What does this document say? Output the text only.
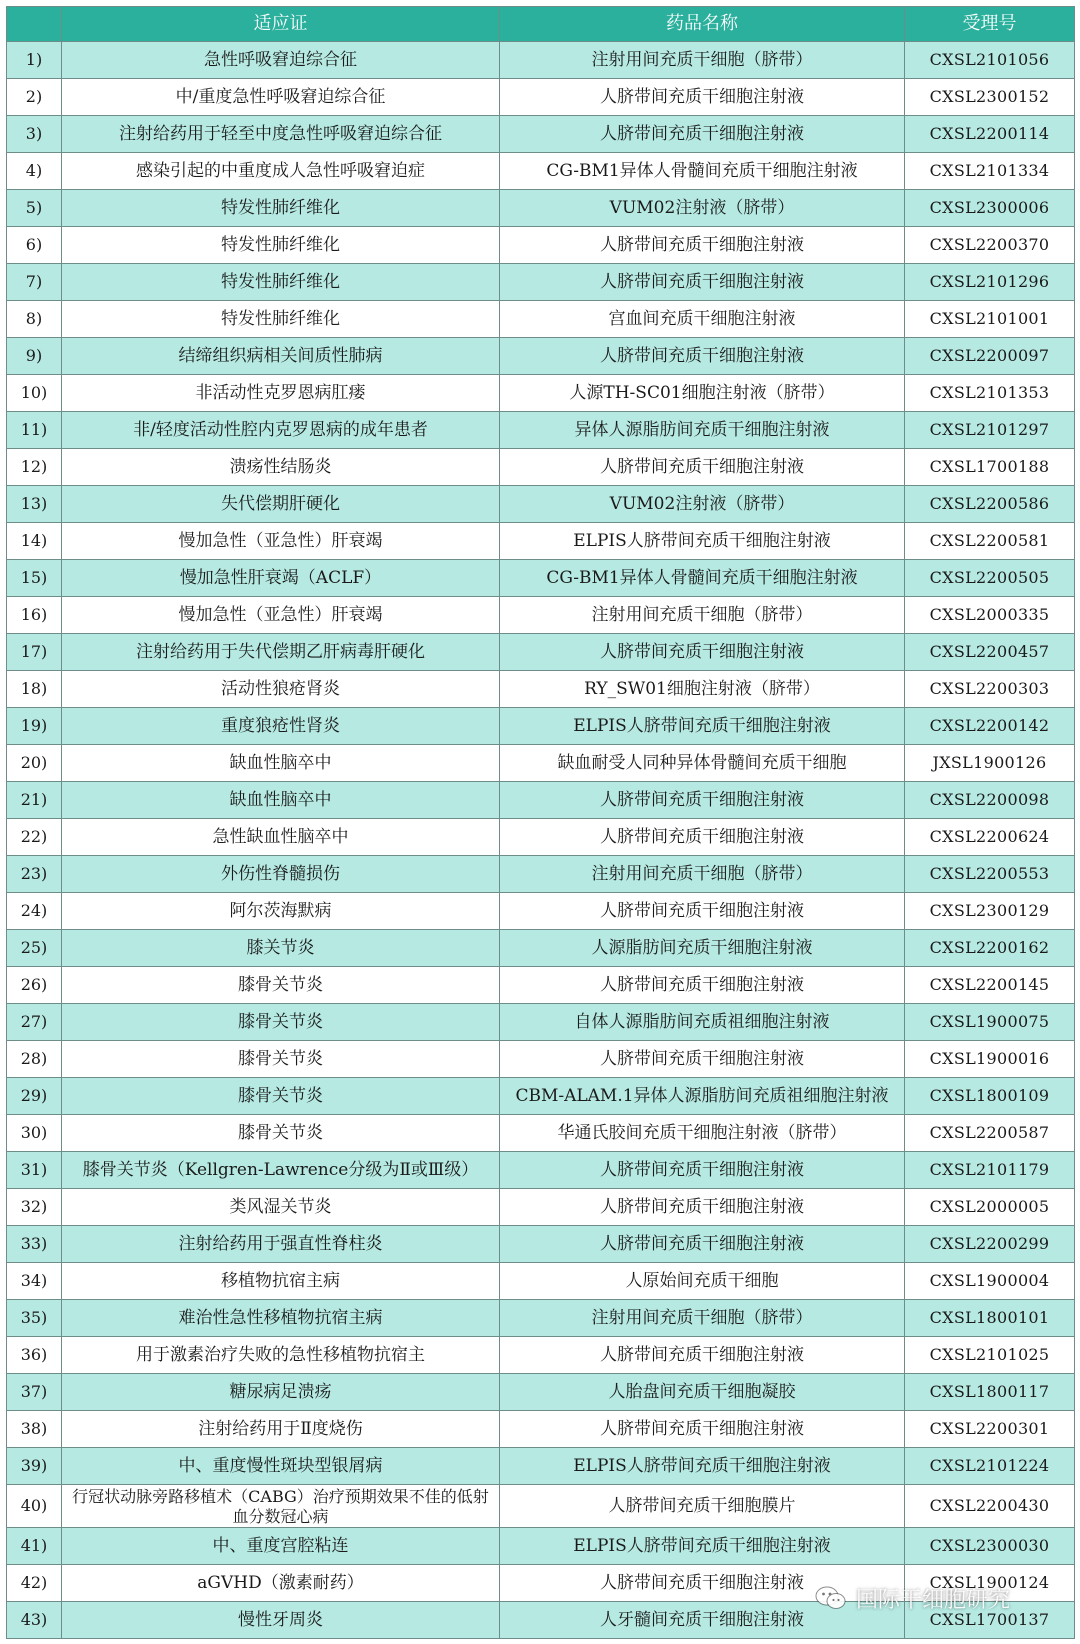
	适应证	药品名称	受理号
1)	急性呼吸窘迫综合征	注射用间充质干细胞（脐带）	CXSL2101056
2)	中/重度急性呼吸窘迫综合征	人脐带间充质干细胞注射液	CXSL2300152
3)	注射给药用于轻至中度急性呼吸窘迫综合征	人脐带间充质干细胞注射液	CXSL2200114
4)	感染引起的中重度成人急性呼吸窘迫症	CG-BM1异体人骨髓间充质干细胞注射液	CXSL2101334
5)	特发性肺纤维化	VUM02注射液（脐带）	CXSL2300006
6)	特发性肺纤维化	人脐带间充质干细胞注射液	CXSL2200370
7)	特发性肺纤维化	人脐带间充质干细胞注射液	CXSL2101296
8)	特发性肺纤维化	宫血间充质干细胞注射液	CXSL2101001
9)	结缔组织病相关间质性肺病	人脐带间充质干细胞注射液	CXSL2200097
10)	非活动性克罗恩病肛瘘	人源TH-SC01细胞注射液（脐带）	CXSL2101353
11)	非/轻度活动性腔内克罗恩病的成年患者	异体人源脂肪间充质干细胞注射液	CXSL2101297
12)	溃疡性结肠炎	人脐带间充质干细胞注射液	CXSL1700188
13)	失代偿期肝硬化	VUM02注射液（脐带）	CXSL2200586
14)	慢加急性（亚急性）肝衰竭	ELPIS人脐带间充质干细胞注射液	CXSL2200581
15)	慢加急性肝衰竭（ACLF）	CG-BM1异体人骨髓间充质干细胞注射液	CXSL2200505
16)	慢加急性（亚急性）肝衰竭	注射用间充质干细胞（脐带）	CXSL2000335
17)	注射给药用于失代偿期乙肝病毒肝硬化	人脐带间充质干细胞注射液	CXSL2200457
18)	活动性狼疮肾炎	RY_SW01细胞注射液（脐带）	CXSL2200303
19)	重度狼疮性肾炎	ELPIS人脐带间充质干细胞注射液	CXSL2200142
20)	缺血性脑卒中	缺血耐受人同种异体骨髓间充质干细胞	JXSL1900126
21)	缺血性脑卒中	人脐带间充质干细胞注射液	CXSL2200098
22)	急性缺血性脑卒中	人脐带间充质干细胞注射液	CXSL2200624
23)	外伤性脊髓损伤	注射用间充质干细胞（脐带）	CXSL2200553
24)	阿尔茨海默病	人脐带间充质干细胞注射液	CXSL2300129
25)	膝关节炎	人源脂肪间充质干细胞注射液	CXSL2200162
26)	膝骨关节炎	人脐带间充质干细胞注射液	CXSL2200145
27)	膝骨关节炎	自体人源脂肪间充质祖细胞注射液	CXSL1900075
28)	膝骨关节炎	人脐带间充质干细胞注射液	CXSL1900016
29)	膝骨关节炎	CBM-ALAM.1异体人源脂肪间充质祖细胞注射液	CXSL1800109
30)	膝骨关节炎	华通氏胶间充质干细胞注射液（脐带）	CXSL2200587
31)	膝骨关节炎（Kellgren-Lawrence分级为Ⅱ或Ⅲ级）	人脐带间充质干细胞注射液	CXSL2101179
32)	类风湿关节炎	人脐带间充质干细胞注射液	CXSL2000005
33)	注射给药用于强直性脊柱炎	人脐带间充质干细胞注射液	CXSL2200299
34)	移植物抗宿主病	人原始间充质干细胞	CXSL1900004
35)	难治性急性移植物抗宿主病	注射用间充质干细胞（脐带）	CXSL1800101
36)	用于激素治疗失败的急性移植物抗宿主	人脐带间充质干细胞注射液	CXSL2101025
37)	糖尿病足溃疡	人胎盘间充质干细胞凝胶	CXSL1800117
38)	注射给药用于Ⅱ度烧伤	人脐带间充质干细胞注射液	CXSL2200301
39)	中、重度慢性斑块型银屑病	ELPIS人脐带间充质干细胞注射液	CXSL2101224
40)	行冠状动脉旁路移植术（CABG）治疗预期效果不佳的低射血分数冠心病	人脐带间充质干细胞膜片	CXSL2200430
41)	中、重度宫腔粘连	ELPIS人脐带间充质干细胞注射液	CXSL2300030
42)	aGVHD（激素耐药）	人脐带间充质干细胞注射液	CXSL1900124
43)	慢性牙周炎	人牙髓间充质干细胞注射液	CXSL1700137
国际干细胞研究
